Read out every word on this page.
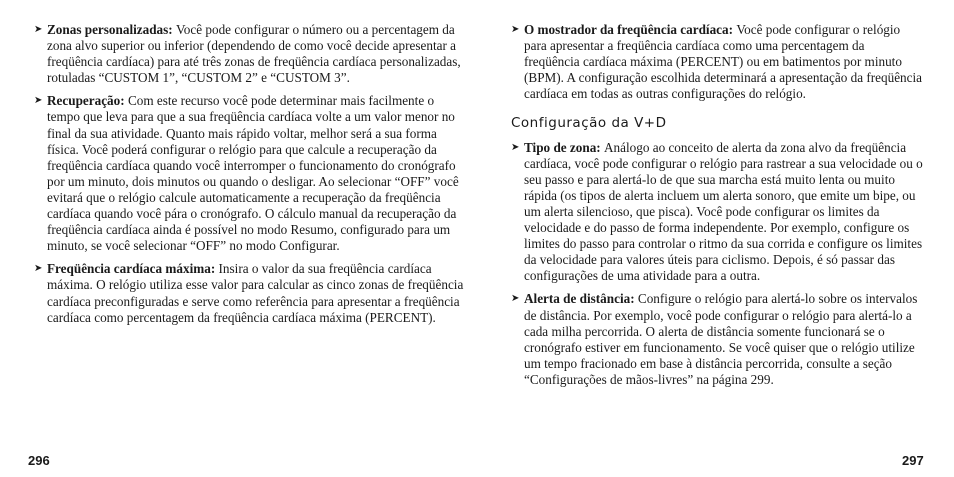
➤ Zonas personalizadas: Você pode configurar o número ou a percentagem da zona alvo superior ou inferior (dependendo de como você decide apresentar a freqüência cardíaca) para até três zonas de freqüência cardíaca personalizadas, rotuladas “CUSTOM 1”, “CUSTOM 2” e “CUSTOM 3”.
➤ Recuperação: Com este recurso você pode determinar mais facilmente o tempo que leva para que a sua freqüência cardíaca volte a um valor menor no final da sua atividade. Quanto mais rápido voltar, melhor será a sua forma física. Você poderá configurar o relógio para que calcule a recuperação da freqüência cardíaca quando você interromper o funcionamento do cronógrafo por um minuto, dois minutos ou quando o desligar. Ao selecionar “OFF” você evitará que o relógio calcule automaticamente a recuperação da freqüência cardíaca quando você pára o cronógrafo. O cálculo manual da recuperação da freqüência cardíaca ainda é possível no modo Resumo, configurado para um minuto, se você selecionar “OFF” no modo Configurar.
➤ Freqüência cardíaca máxima: Insira o valor da sua freqüência cardíaca máxima. O relógio utiliza esse valor para calcular as cinco zonas de freqüência cardíaca preconfiguradas e serve como referência para apresentar a freqüência cardíaca como percentagem da freqüência cardíaca máxima (PERCENT).
➤ O mostrador da freqüência cardíaca: Você pode configurar o relógio para apresentar a freqüência cardíaca como uma percentagem da freqüência cardíaca máxima (PERCENT) ou em batimentos por minuto (BPM). A configuração escolhida determinará a apresentação da freqüência cardíaca em todas as outras configurações do relógio.
Configuração da V+D
➤ Tipo de zona: Análogo ao conceito de alerta da zona alvo da freqüência cardíaca, você pode configurar o relógio para rastrear a sua velocidade ou o seu passo e para alertá-lo de que sua marcha está muito lenta ou muito rápida (os tipos de alerta incluem um alerta sonoro, que emite um bipe, ou um alerta silencioso, que pisca). Você pode configurar os limites da velocidade e do passo de forma independente. Por exemplo, configure os limites do passo para controlar o ritmo da sua corrida e configure os limites da velocidade para valores úteis para ciclismo. Depois, é só passar das configurações de uma atividade para a outra.
➤ Alerta de distância: Configure o relógio para alertá-lo sobre os intervalos de distância. Por exemplo, você pode configurar o relógio para alertá-lo a cada milha percorrida. O alerta de distância somente funcionará se o cronógrafo estiver em funcionamento. Se você quiser que o relógio utilize um tempo fracionado em base à distância percorrida, consulte a seção “Configurações de mãos-livres” na página 299.
296	297
